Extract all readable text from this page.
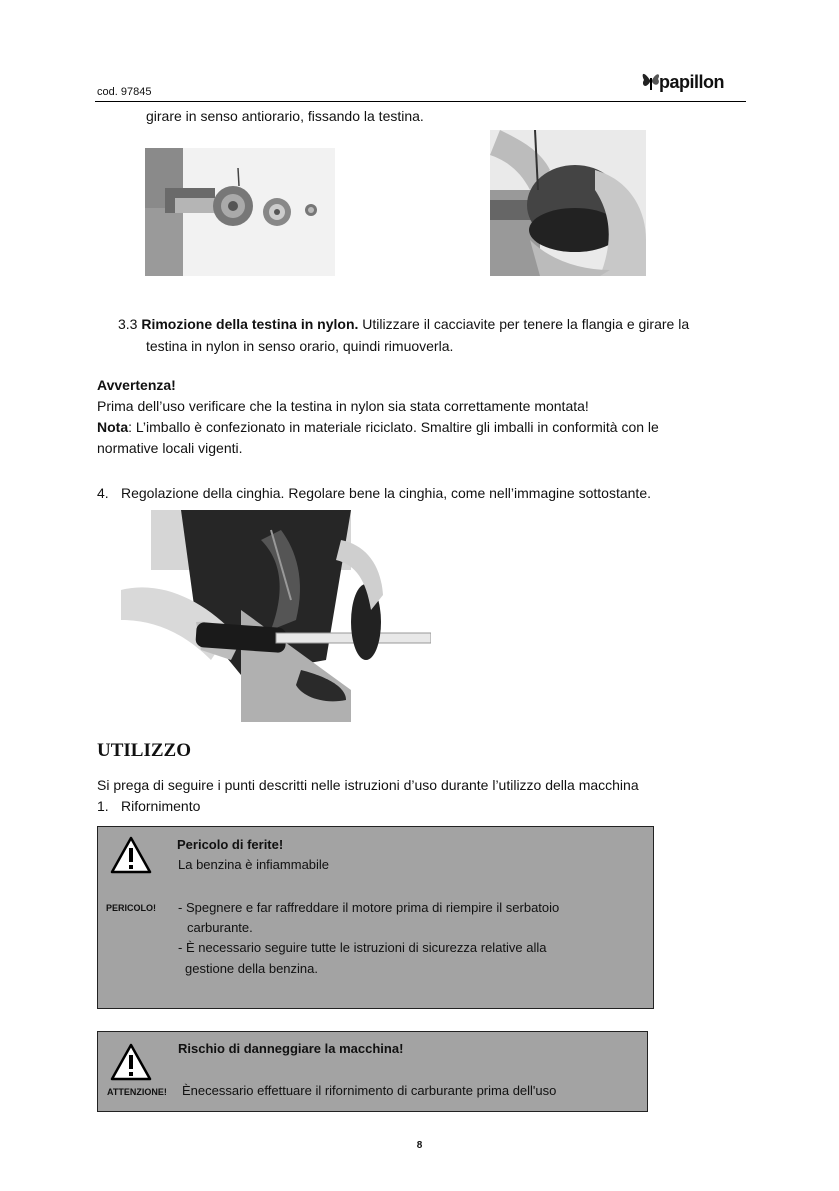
cod. 97845	papillon
girare in senso antiorario, fissando la testina.
3.3 Rimozione della testina in nylon. Utilizzare il cacciavite per tenere la flangia e girare la
testina in nylon in senso orario, quindi rimuoverla.
Avvertenza!
Prima dell’uso verificare che la testina in nylon sia stata correttamente montata!
Nota: L’imballo è confezionato in materiale riciclato. Smaltire gli imballi in conformità con le
normative locali vigenti.
4. Regolazione della cinghia. Regolare bene la cinghia, come nell’immagine sottostante.
UTILIZZO
Si prega di seguire i punti descritti nelle istruzioni d’uso durante l’utilizzo della macchina
1. Rifornimento
Pericolo di ferite!
La benzina è infiammabile
PERICOLO! - Spegnere e far raffreddare il motore prima di riempire il serbatoio
carburante.
- È necessario seguire tutte le istruzioni di sicurezza relative alla
gestione della benzina.
Rischio di danneggiare la macchina!
ATTENZIONE! Ènecessario effettuare il rifornimento di carburante prima dell'uso
8
